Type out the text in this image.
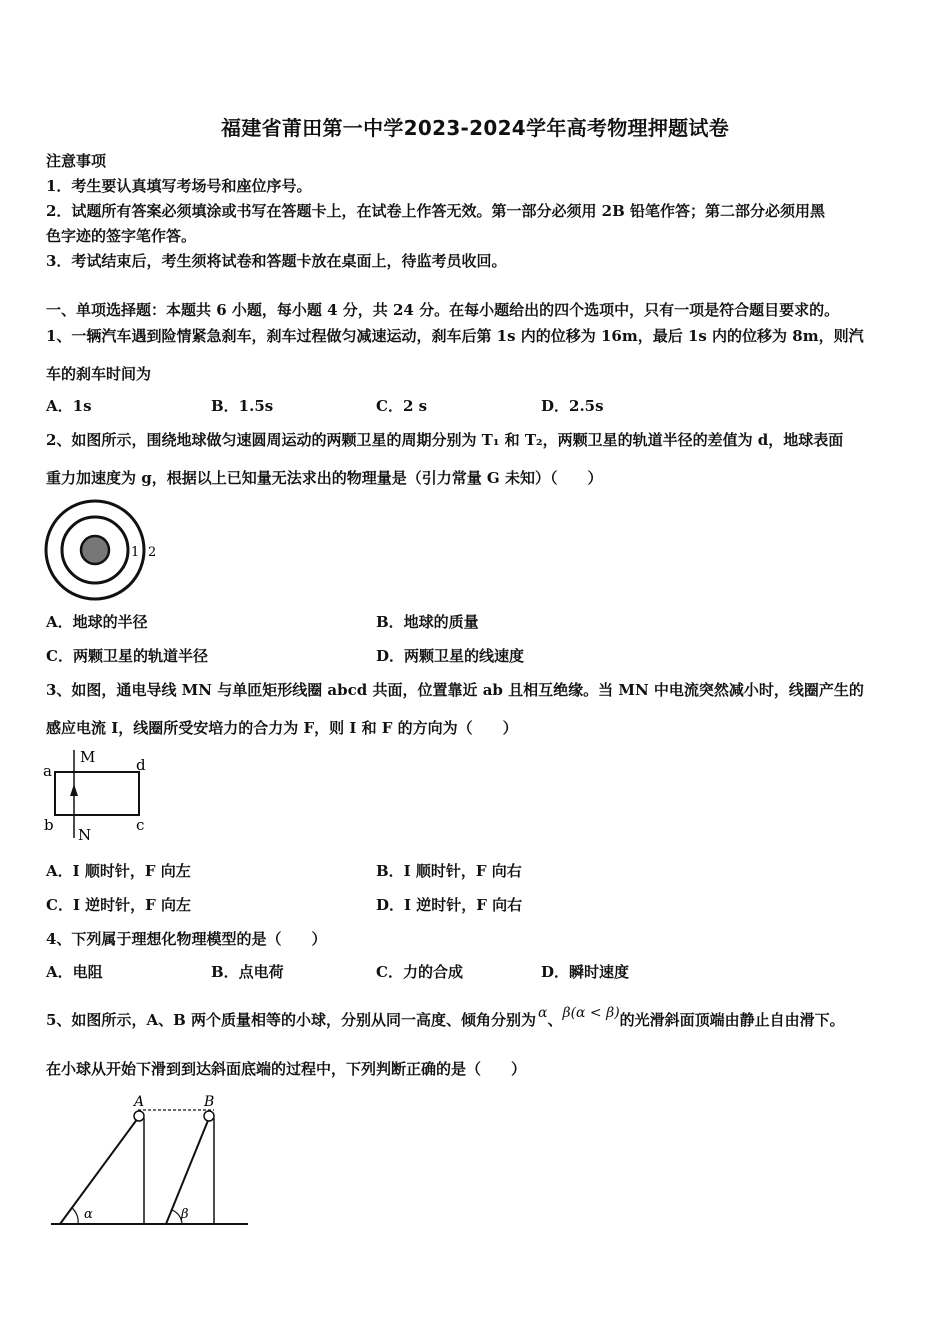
福建省莆田第一中学2023-2024学年高考物理押题试卷
注意事项
1．考生要认真填写考场号和座位序号。
2．试题所有答案必须填涂或书写在答题卡上，在试卷上作答无效。第一部分必须用 2B 铅笔作答；第二部分必须用黑
色字迹的签字笔作答。
3．考试结束后，考生须将试卷和答题卡放在桌面上，待监考员收回。
一、单项选择题：本题共 6 小题，每小题 4 分，共 24 分。在每小题给出的四个选项中，只有一项是符合题目要求的。
1、一辆汽车遇到险情紧急刹车，刹车过程做匀减速运动，刹车后第 1s 内的位移为 16m，最后 1s 内的位移为 8m，则汽
车的刹车时间为
A．1s	B．1.5s	C．2 s	D．2.5s
2、如图所示，围绕地球做匀速圆周运动的两颗卫星的周期分别为 T₁ 和 T₂，两颗卫星的轨道半径的差值为 d，地球表面
重力加速度为 g，根据以上已知量无法求出的物理量是（引力常量 G 未知）（　　）
1 2
A．地球的半径	B．地球的质量
C．两颗卫星的轨道半径	D．两颗卫星的线速度
3、如图，通电导线 MN 与单匝矩形线圈 abcd 共面，位置靠近 ab 且相互绝缘。当 MN 中电流突然减小时，线圈产生的
感应电流 I，线圈所受安培力的合力为 F，则 I 和 F 的方向为（　　）
M
N
a
b	c
d
A．I 顺时针，F 向左	B．I 顺时针，F 向右
C．I 逆时针，F 向左	D．I 逆时针，F 向右
4、下列属于理想化物理模型的是（　　）
A．电阻	B．点电荷	C．力的合成	D．瞬时速度
5、如图所示，A、B 两个质量相等的小球，分别从同一高度、倾角分别为 α、β(α < β)的光滑斜面顶端由静止自由滑下。
在小球从开始下滑到到达斜面底端的过程中，下列判断正确的是（　　）
A	B
α	β
